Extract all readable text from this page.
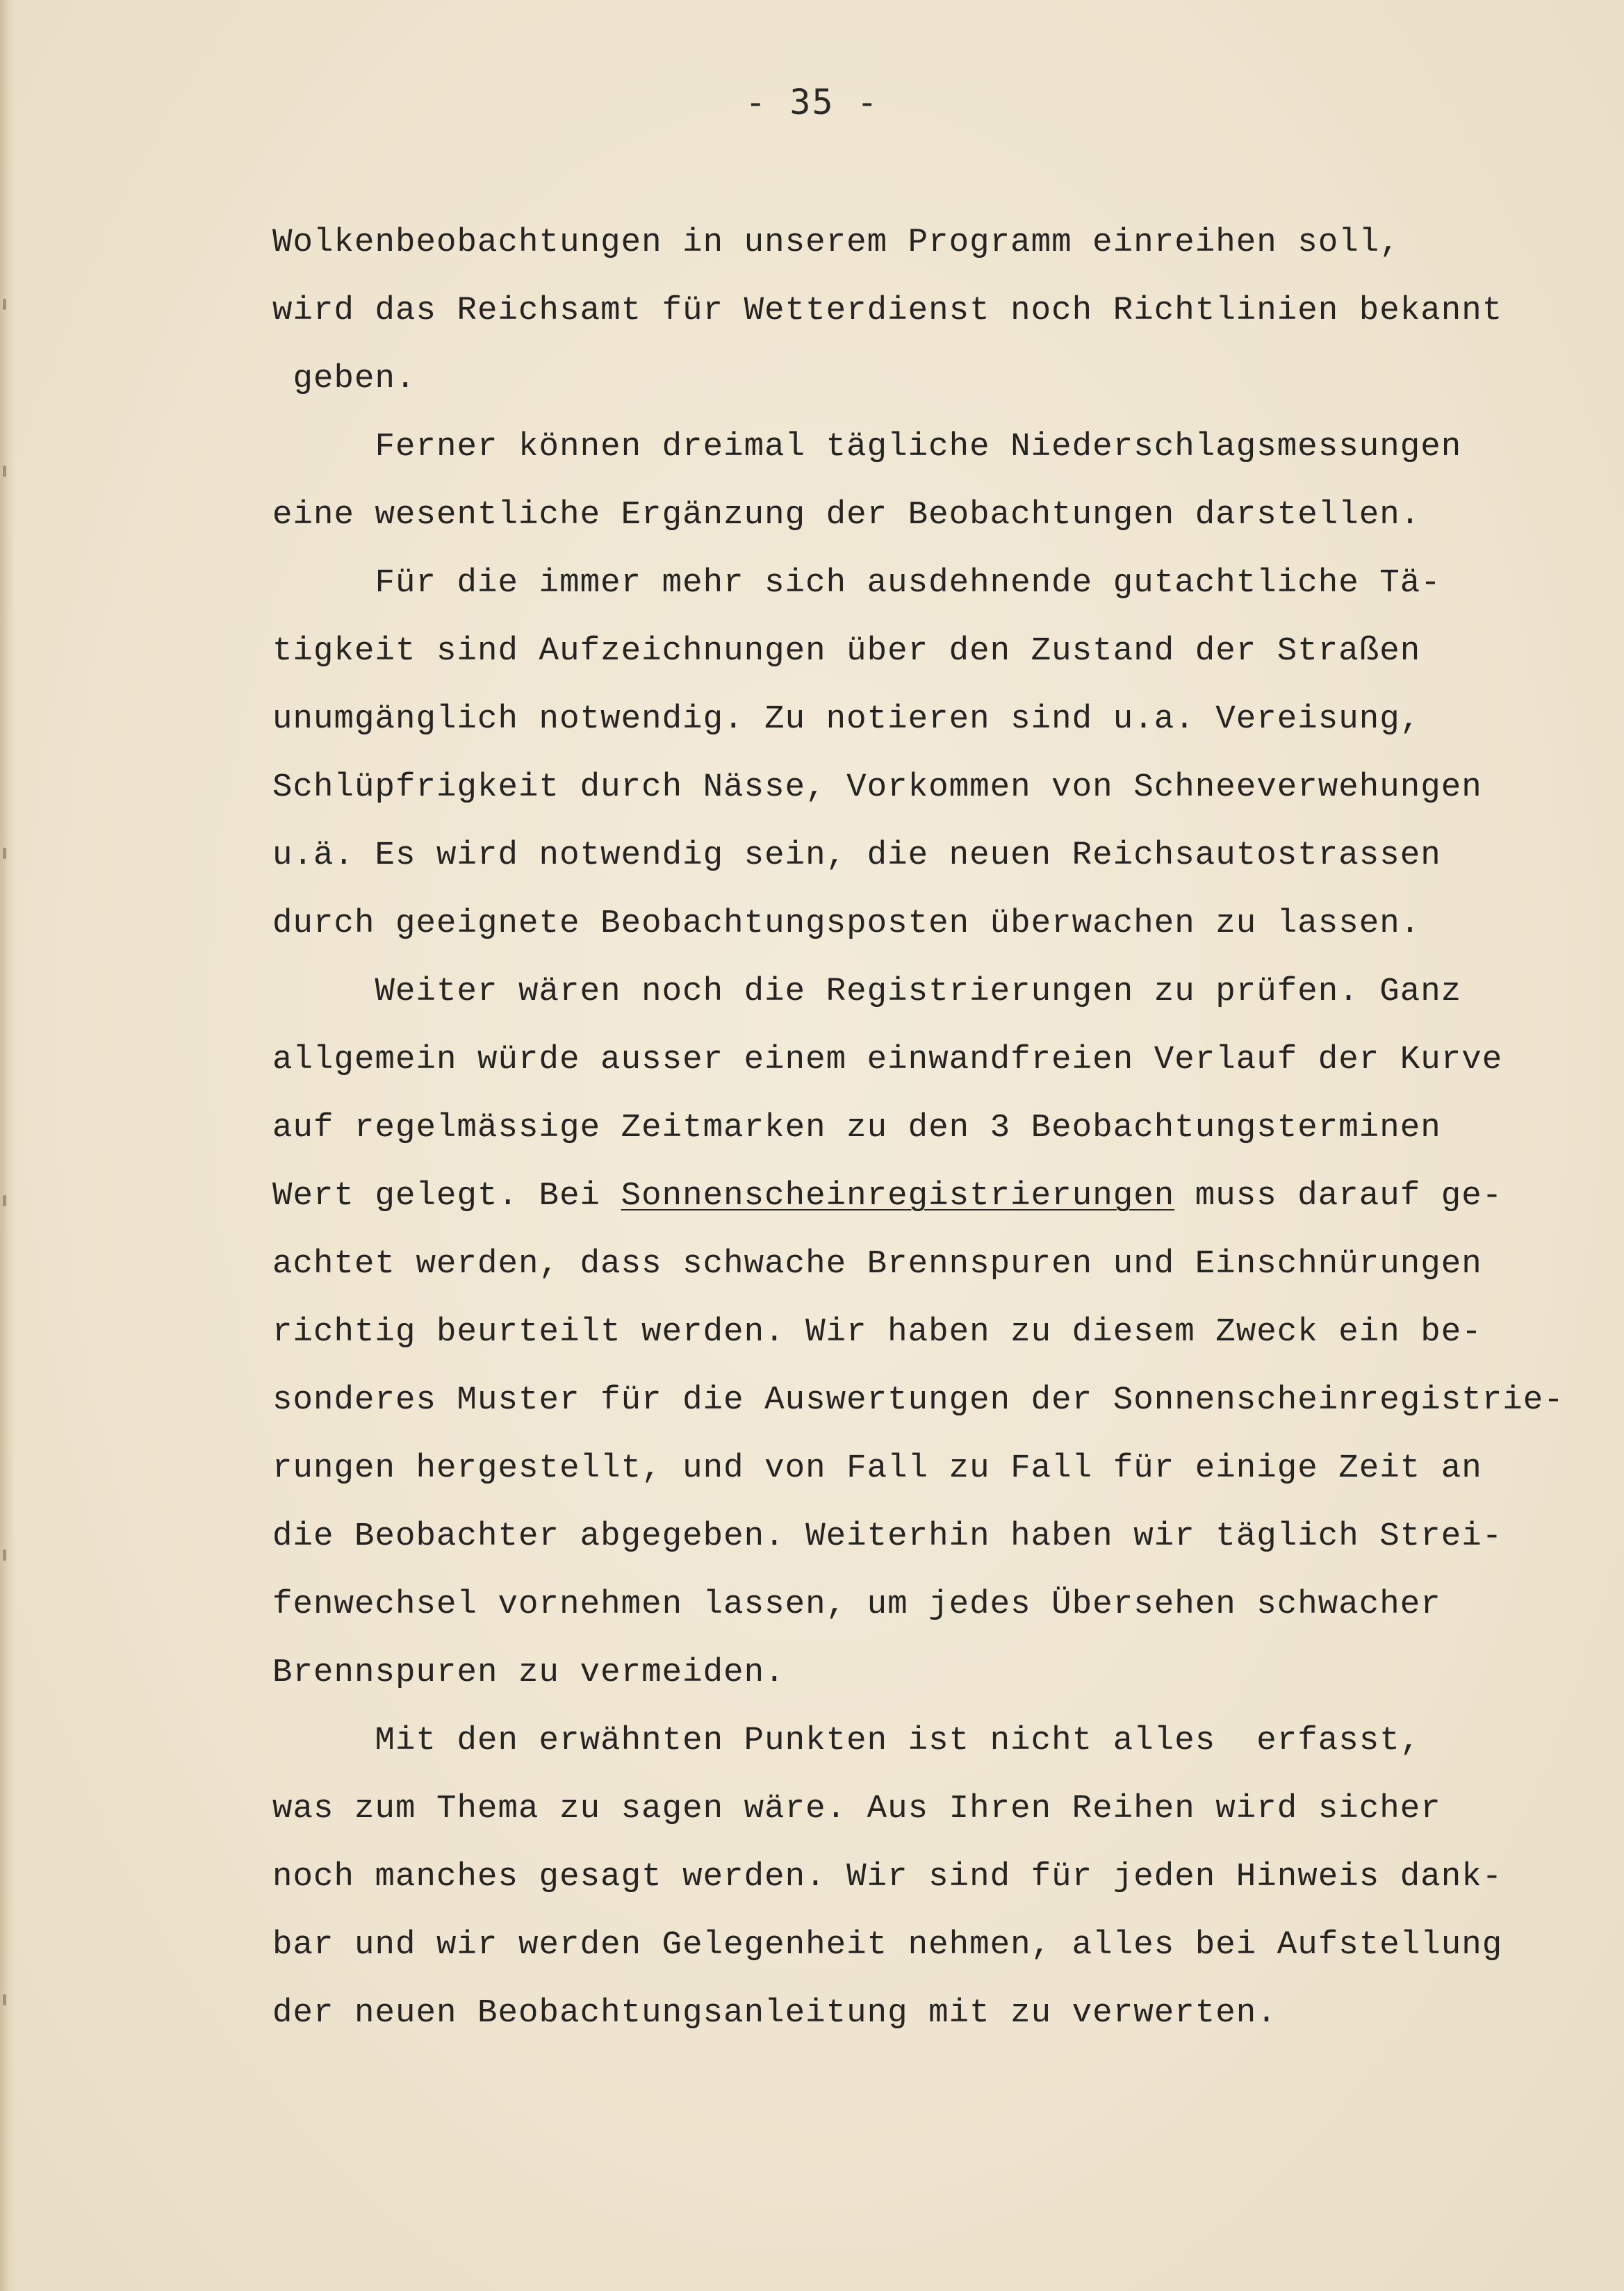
- 35 -
Wolkenbeobachtungen in unserem Programm einreihen soll,
wird das Reichsamt für Wetterdienst noch Richtlinien bekannt
geben.
Ferner können dreimal tägliche Niederschlagsmessungen
eine wesentliche Ergänzung der Beobachtungen darstellen.
Für die immer mehr sich ausdehnende gutachtliche Tä-
tigkeit sind Aufzeichnungen über den Zustand der Straßen
unumgänglich notwendig. Zu notieren sind u.a. Vereisung,
Schlüpfrigkeit durch Nässe, Vorkommen von Schneeverwehungen
u.ä. Es wird notwendig sein, die neuen Reichsautostrassen
durch geeignete Beobachtungsposten überwachen zu lassen.
Weiter wären noch die Registrierungen zu prüfen. Ganz
allgemein würde ausser einem einwandfreien Verlauf der Kurve
auf regelmässige Zeitmarken zu den 3 Beobachtungsterminen
Wert gelegt. Bei Sonnenscheinregistrierungen muss darauf ge-
achtet werden, dass schwache Brennspuren und Einschnürungen
richtig beurteilt werden. Wir haben zu diesem Zweck ein be-
sonderes Muster für die Auswertungen der Sonnenscheinregistrie-
rungen hergestellt, und von Fall zu Fall für einige Zeit an
die Beobachter abgegeben. Weiterhin haben wir täglich Strei-
fenwechsel vornehmen lassen, um jedes Übersehen schwacher
Brennspuren zu vermeiden.
Mit den erwähnten Punkten ist nicht alles  erfasst,
was zum Thema zu sagen wäre. Aus Ihren Reihen wird sicher
noch manches gesagt werden. Wir sind für jeden Hinweis dank-
bar und wir werden Gelegenheit nehmen, alles bei Aufstellung
der neuen Beobachtungsanleitung mit zu verwerten.
